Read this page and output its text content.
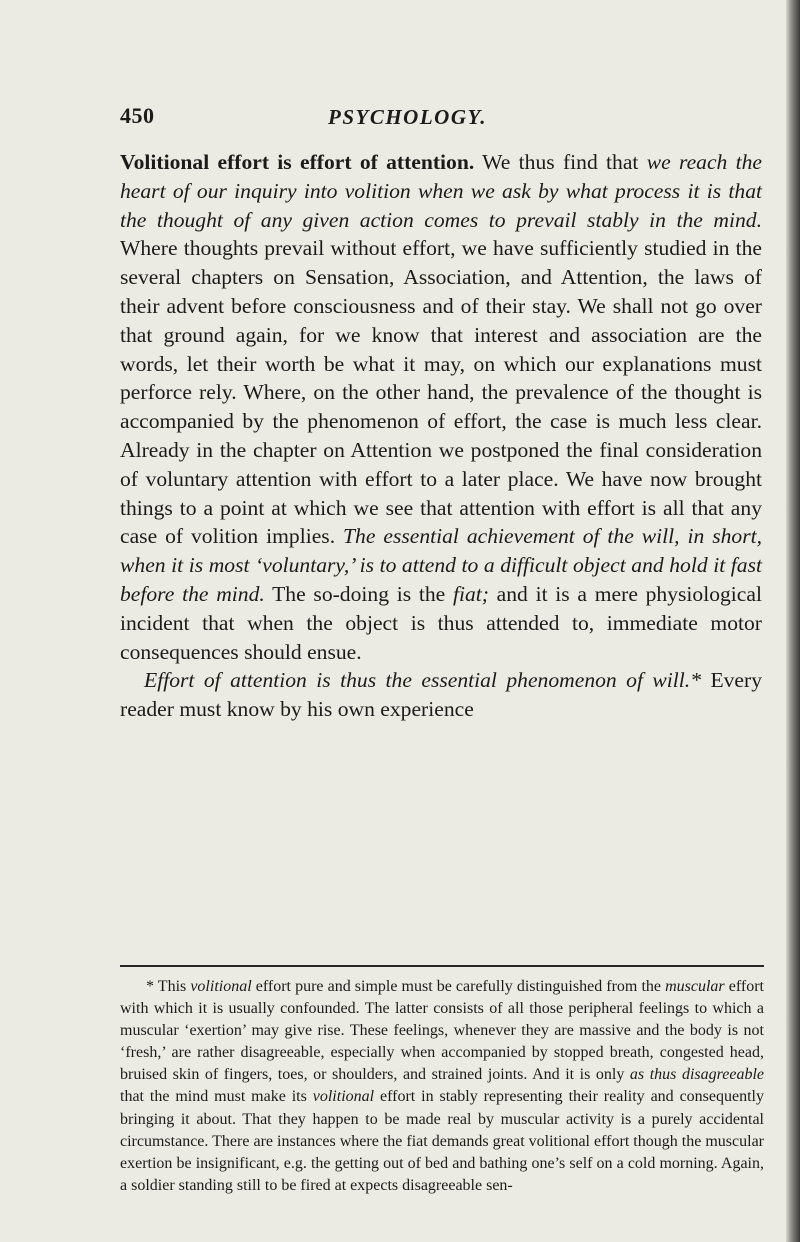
450	PSYCHOLOGY.

Volitional effort is effort of attention. We thus find that we reach the heart of our inquiry into volition when we ask by what process it is that the thought of any given action comes to prevail stably in the mind. Where thoughts prevail without effort, we have sufficiently studied in the several chapters on Sensation, Association, and Attention, the laws of their advent before consciousness and of their stay. We shall not go over that ground again, for we know that interest and association are the words, let their worth be what it may, on which our explanations must perforce rely. Where, on the other hand, the prevalence of the thought is accompanied by the phenomenon of effort, the case is much less clear. Already in the chapter on Attention we postponed the final consideration of voluntary attention with effort to a later place. We have now brought things to a point at which we see that attention with effort is all that any case of volition implies. The essential achievement of the will, in short, when it is most ‘voluntary,’ is to attend to a difficult object and hold it fast before the mind. The so-doing is the fiat; and it is a mere physiological incident that when the object is thus attended to, immediate motor consequences should ensue.

Effort of attention is thus the essential phenomenon of will.* Every reader must know by his own experience

* This volitional effort pure and simple must be carefully distinguished from the muscular effort with which it is usually confounded. The latter consists of all those peripheral feelings to which a muscular ‘exertion’ may give rise. These feelings, whenever they are massive and the body is not ‘fresh,’ are rather disagreeable, especially when accompanied by stopped breath, congested head, bruised skin of fingers, toes, or shoulders, and strained joints. And it is only as thus disagreeable that the mind must make its volitional effort in stably representing their reality and consequently bringing it about. That they happen to be made real by muscular activity is a purely accidental circumstance. There are instances where the fiat demands great volitional effort though the muscular exertion be insignificant, e.g. the getting out of bed and bathing one’s self on a cold morning. Again, a soldier standing still to be fired at expects disagreeable sen-
